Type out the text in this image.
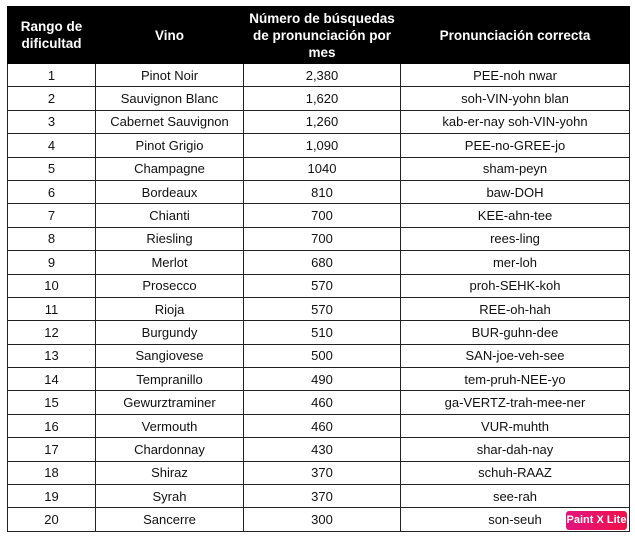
Rango de dificultad	Vino	Número de búsquedas de pronunciación por mes	Pronunciación correcta
1	Pinot Noir	2,380	PEE-noh nwar
2	Sauvignon Blanc	1,620	soh-VIN-yohn blan
3	Cabernet Sauvignon	1,260	kab-er-nay soh-VIN-yohn
4	Pinot Grigio	1,090	PEE-no-GREE-jo
5	Champagne	1040	sham-peyn
6	Bordeaux	810	baw-DOH
7	Chianti	700	KEE-ahn-tee
8	Riesling	700	rees-ling
9	Merlot	680	mer-loh
10	Prosecco	570	proh-SEHK-koh
11	Rioja	570	REE-oh-hah
12	Burgundy	510	BUR-guhn-dee
13	Sangiovese	500	SAN-joe-veh-see
14	Tempranillo	490	tem-pruh-NEE-yo
15	Gewurztraminer	460	ga-VERTZ-trah-mee-ner
16	Vermouth	460	VUR-muhth
17	Chardonnay	430	shar-dah-nay
18	Shiraz	370	schuh-RAAZ
19	Syrah	370	see-rah
20	Sancerre	300	son-seuh Paint X Lite
